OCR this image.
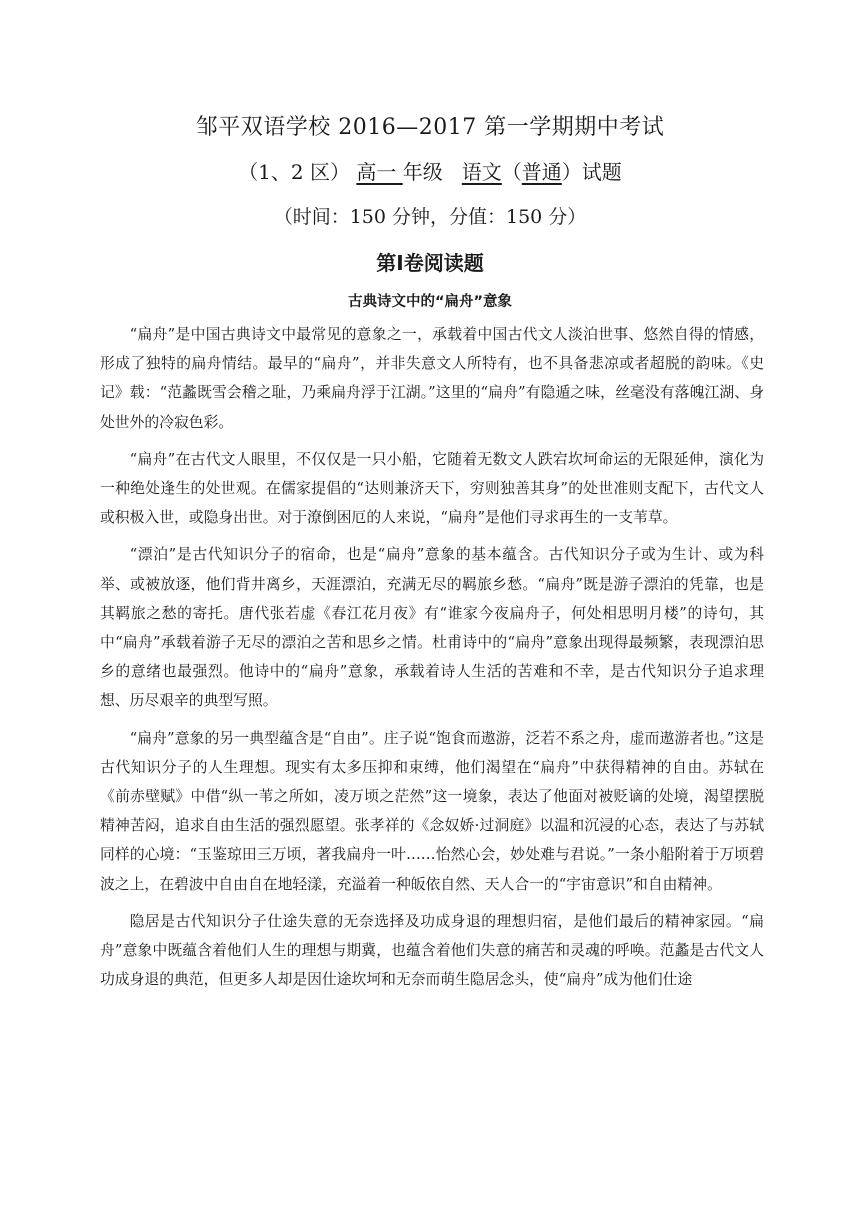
邹平双语学校 2016—2017 第一学期期中考试
（1、2 区） 高一 年级 语文（普通）试题
（时间：150 分钟，分值：150 分）
第Ⅰ卷阅读题
古典诗文中的“扁舟”意象

“扁舟”是中国古典诗文中最常见的意象之一，承载着中国古代文人淡泊世事、悠然自得的情感，形成了独特的扁舟情结。最早的“扁舟”，并非失意文人所特有，也不具备悲凉或者超脱的韵味。《史记》载：“范蠡既雪会稽之耻，乃乘扁舟浮于江湖。”这里的“扁舟”有隐遁之味，丝毫没有落魄江湖、身处世外的冷寂色彩。

“扁舟”在古代文人眼里，不仅仅是一只小船，它随着无数文人跌宕坎坷命运的无限延伸，演化为一种绝处逢生的处世观。在儒家提倡的“达则兼济天下，穷则独善其身”的处世准则支配下，古代文人或积极入世，或隐身出世。对于潦倒困厄的人来说，“扁舟”是他们寻求再生的一支苇草。

“漂泊”是古代知识分子的宿命，也是“扁舟”意象的基本蕴含。古代知识分子或为生计、或为科举、或被放逐，他们背井离乡，天涯漂泊，充满无尽的羁旅乡愁。“扁舟”既是游子漂泊的凭靠，也是其羁旅之愁的寄托。唐代张若虚《春江花月夜》有“谁家今夜扁舟子，何处相思明月楼”的诗句，其中“扁舟”承载着游子无尽的漂泊之苦和思乡之情。杜甫诗中的“扁舟”意象出现得最频繁，表现漂泊思乡的意绪也最强烈。他诗中的“扁舟”意象，承载着诗人生活的苦难和不幸，是古代知识分子追求理想、历尽艰辛的典型写照。

“扁舟”意象的另一典型蕴含是“自由”。庄子说“饱食而遨游，泛若不系之舟，虚而遨游者也。”这是古代知识分子的人生理想。现实有太多压抑和束缚，他们渴望在“扁舟”中获得精神的自由。苏轼在《前赤壁赋》中借“纵一苇之所如，凌万顷之茫然”这一境象，表达了他面对被贬谪的处境，渴望摆脱精神苦闷，追求自由生活的强烈愿望。张孝祥的《念奴娇·过洞庭》以温和沉浸的心态，表达了与苏轼同样的心境：“玉鉴琼田三万顷，著我扁舟一叶……怡然心会，妙处难与君说。”一条小船附着于万顷碧波之上，在碧波中自由自在地轻漾，充溢着一种皈依自然、天人合一的“宇宙意识”和自由精神。

隐居是古代知识分子仕途失意的无奈选择及功成身退的理想归宿，是他们最后的精神家园。“扁舟”意象中既蕴含着他们人生的理想与期冀，也蕴含着他们失意的痛苦和灵魂的呼唤。范蠡是古代文人功成身退的典范，但更多人却是因仕途坎坷和无奈而萌生隐居念头，使“扁舟”成为他们仕途
